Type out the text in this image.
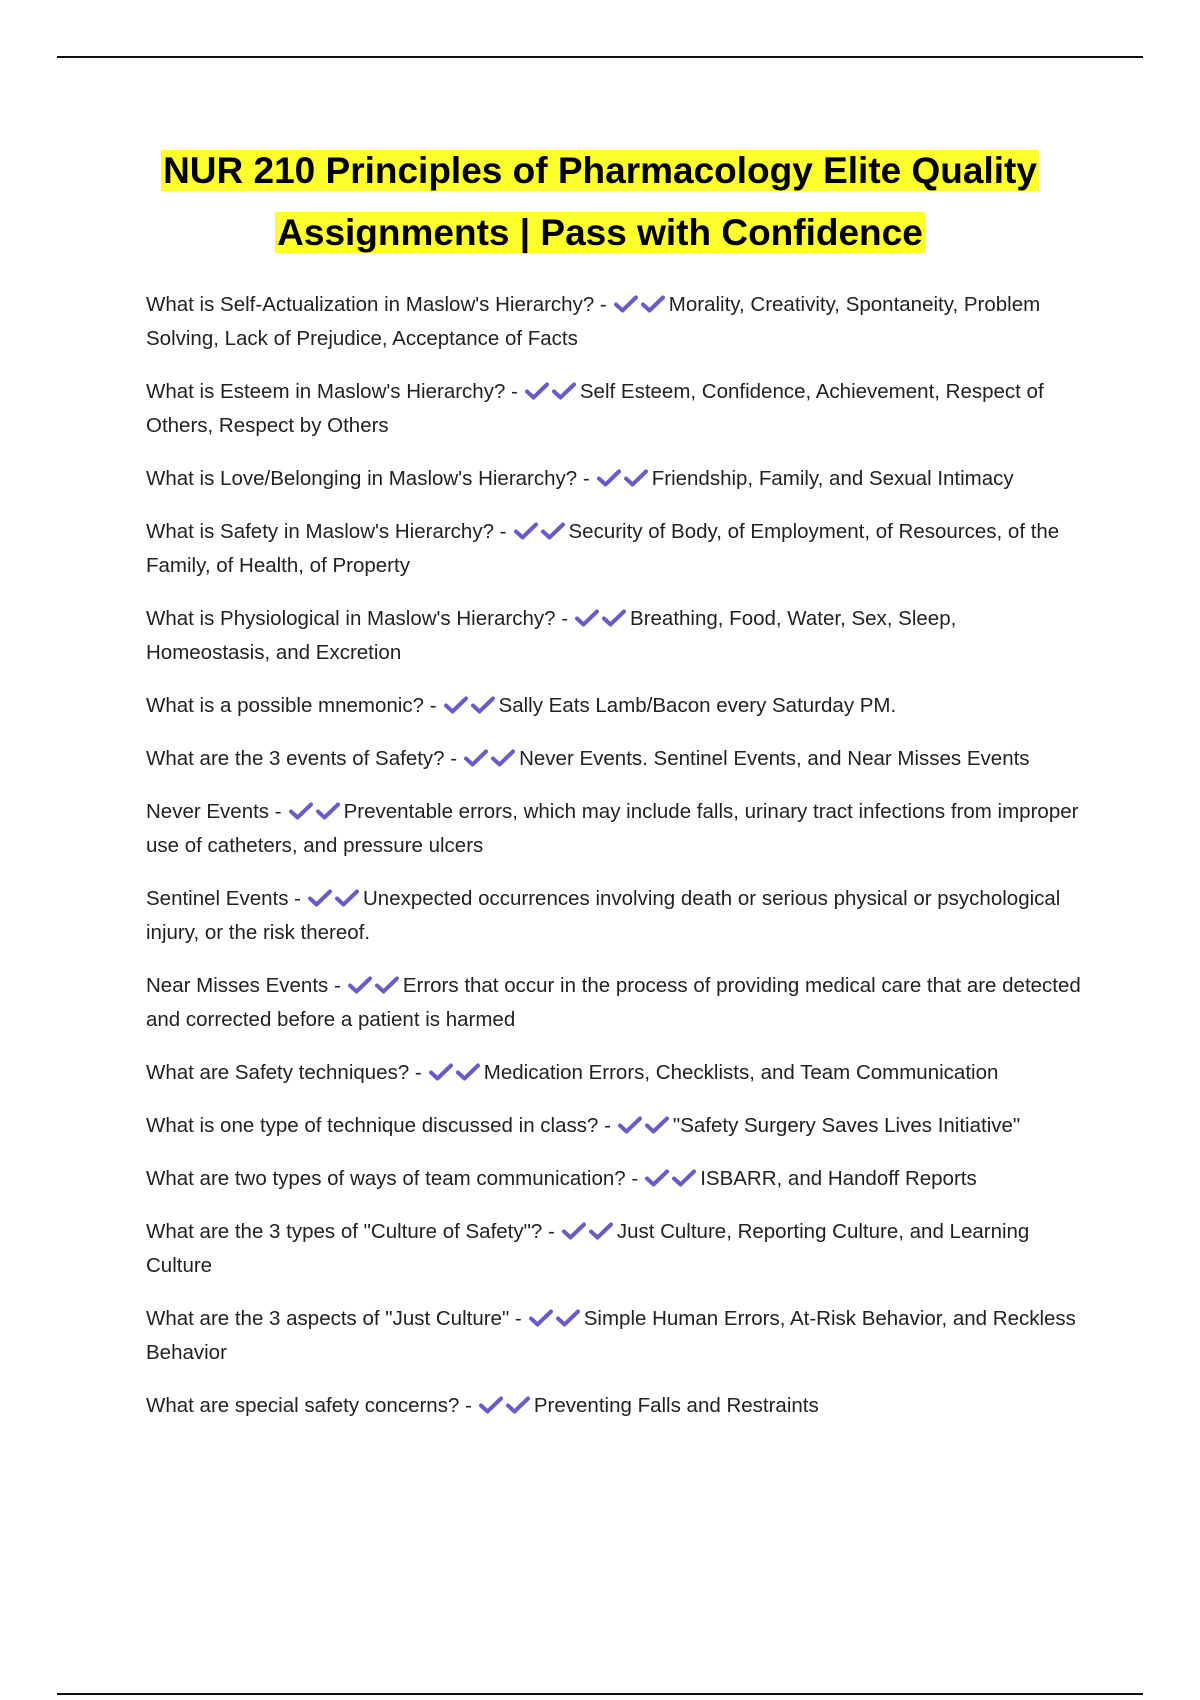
NUR 210 Principles of Pharmacology Elite Quality Assignments | Pass with Confidence
What is Self-Actualization in Maslow's Hierarchy? -	Morality, Creativity, Spontaneity, Problem Solving, Lack of Prejudice, Acceptance of Facts
What is Esteem in Maslow's Hierarchy? -	Self Esteem, Confidence, Achievement, Respect of Others, Respect by Others
What is Love/Belonging in Maslow's Hierarchy? -	Friendship, Family, and Sexual Intimacy
What is Safety in Maslow's Hierarchy? -	Security of Body, of Employment, of Resources, of the Family, of Health, of Property
What is Physiological in Maslow's Hierarchy? -	Breathing, Food, Water, Sex, Sleep, Homeostasis, and Excretion
What is a possible mnemonic? -	Sally Eats Lamb/Bacon every Saturday PM.
What are the 3 events of Safety? -	Never Events. Sentinel Events, and Near Misses Events
Never Events -	Preventable errors, which may include falls, urinary tract infections from improper use of catheters, and pressure ulcers
Sentinel Events -	Unexpected occurrences involving death or serious physical or psychological injury, or the risk thereof.
Near Misses Events -	Errors that occur in the process of providing medical care that are detected and corrected before a patient is harmed
What are Safety techniques? -	Medication Errors, Checklists, and Team Communication
What is one type of technique discussed in class? -	"Safety Surgery Saves Lives Initiative"
What are two types of ways of team communication? -	ISBARR, and Handoff Reports
What are the 3 types of "Culture of Safety"? -	Just Culture, Reporting Culture, and Learning Culture
What are the 3 aspects of "Just Culture" -	Simple Human Errors, At-Risk Behavior, and Reckless Behavior
What are special safety concerns? -	Preventing Falls and Restraints
